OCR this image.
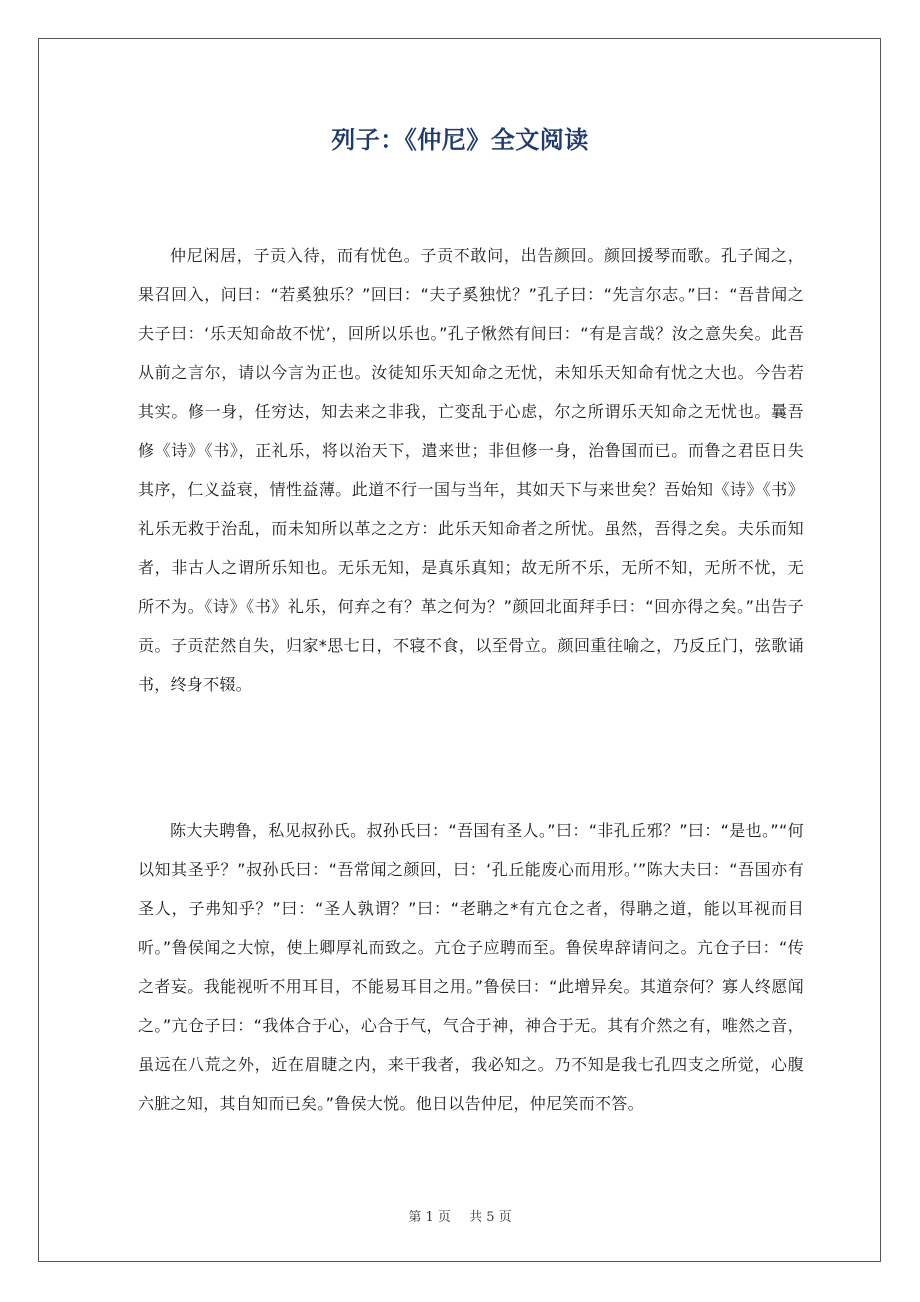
列子：《仲尼》全文阅读

仲尼闲居，子贡入待，而有忧色。子贡不敢问，出告颜回。颜回援琴而歌。孔子闻之，果召回入，问曰：“若奚独乐？”回曰：“夫子奚独忧？”孔子曰：“先言尔志。”曰：“吾昔闻之夫子曰：‘乐天知命故不忧’，回所以乐也。”孔子愀然有间曰：“有是言哉？汝之意失矣。此吾从前之言尔，请以今言为正也。汝徒知乐天知命之无忧，未知乐天知命有忧之大也。今告若其实。修一身，任穷达，知去来之非我，亡变乱于心虑，尔之所谓乐天知命之无忧也。曩吾修《诗》《书》，正礼乐，将以治天下，遣来世；非但修一身，治鲁国而已。而鲁之君臣日失其序，仁义益衰，情性益薄。此道不行一国与当年，其如天下与来世矣？吾始知《诗》《书》礼乐无救于治乱，而未知所以革之之方：此乐天知命者之所忧。虽然，吾得之矣。夫乐而知者，非古人之谓所乐知也。无乐无知，是真乐真知；故无所不乐，无所不知，无所不忧，无所不为。《诗》《书》礼乐，何弃之有？革之何为？”颜回北面拜手曰：“回亦得之矣。”出告子贡。子贡茫然自失，归家*思七日，不寝不食，以至骨立。颜回重往喻之，乃反丘门，弦歌诵书，终身不辍。

陈大夫聘鲁，私见叔孙氏。叔孙氏曰：“吾国有圣人。”曰：“非孔丘邪？”曰：“是也。”“何以知其圣乎？”叔孙氏曰：“吾常闻之颜回，曰：‘孔丘能废心而用形。’”陈大夫曰：“吾国亦有圣人，子弗知乎？”曰：“圣人孰谓？”曰：“老聃之*有亢仓之者，得聃之道，能以耳视而目听。”鲁侯闻之大惊，使上卿厚礼而致之。亢仓子应聘而至。鲁侯卑辞请问之。亢仓子曰：“传之者妄。我能视听不用耳目，不能易耳目之用。”鲁侯曰：“此增异矣。其道奈何？寡人终愿闻之。”亢仓子曰：“我体合于心，心合于气，气合于神，神合于无。其有介然之有，唯然之音，虽远在八荒之外，近在眉睫之内，来干我者，我必知之。乃不知是我七孔四支之所觉，心腹六脏之知，其自知而已矣。”鲁侯大悦。他日以告仲尼，仲尼笑而不答。

第 1 页 共 5 页
